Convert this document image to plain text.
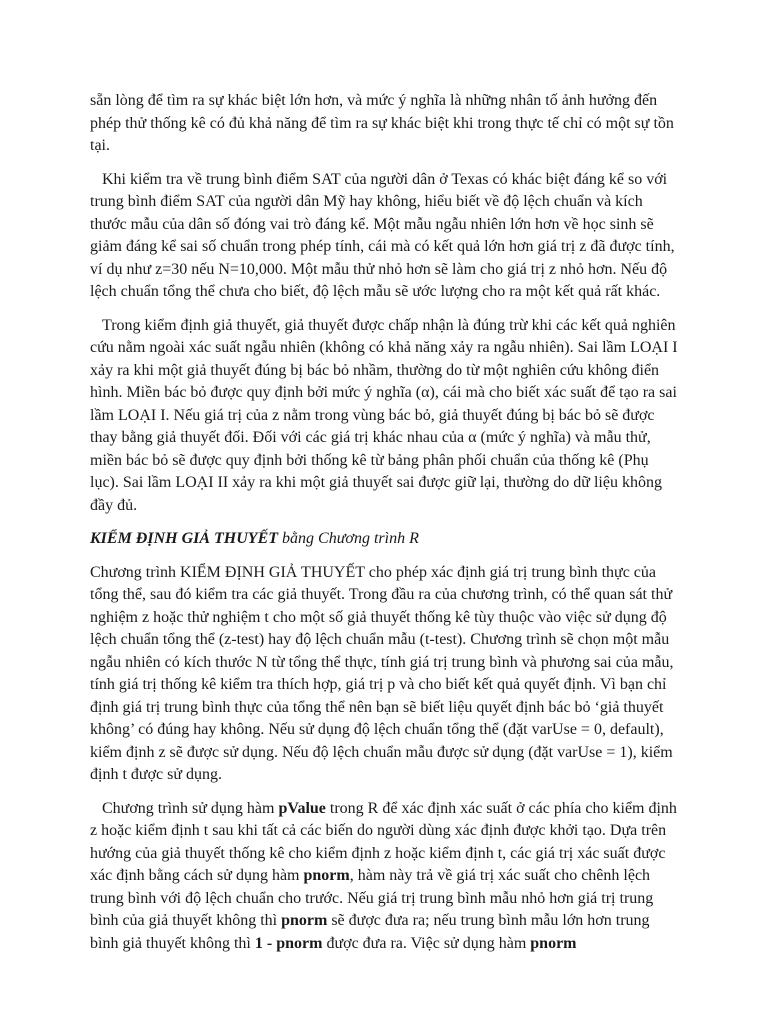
sẵn lòng để tìm ra sự khác biệt lớn hơn, và mức ý nghĩa là những nhân tố ảnh hưởng đến phép thử thống kê có đủ khả năng để tìm ra sự khác biệt khi trong thực tế chỉ có một sự tồn tại.

Khi kiểm tra về trung bình điểm SAT của người dân ở Texas có khác biệt đáng kể so với trung bình điểm SAT của người dân Mỹ hay không, hiểu biết về độ lệch chuẩn và kích thước mẫu của dân số đóng vai trò đáng kể. Một mẫu ngẫu nhiên lớn hơn về học sinh sẽ giảm đáng kể sai số chuẩn trong phép tính, cái mà có kết quả lớn hơn giá trị z đã được tính, ví dụ như z=30 nếu N=10,000. Một mẫu thử nhỏ hơn sẽ làm cho giá trị z nhỏ hơn. Nếu độ lệch chuẩn tổng thể chưa cho biết, độ lệch mẫu sẽ ước lượng cho ra một kết quả rất khác.

Trong kiểm định giả thuyết, giả thuyết được chấp nhận là đúng trừ khi các kết quả nghiên cứu nằm ngoài xác suất ngẫu nhiên (không có khả năng xảy ra ngẫu nhiên). Sai lầm LOẠI I xảy ra khi một giả thuyết đúng bị bác bỏ nhầm, thường do từ một nghiên cứu không điển hình. Miền bác bỏ được quy định bởi mức ý nghĩa (α), cái mà cho biết xác suất để tạo ra sai lầm LOẠI I. Nếu giá trị của z nằm trong vùng bác bỏ, giả thuyết đúng bị bác bỏ sẽ được thay bằng giả thuyết đối. Đối với các giá trị khác nhau của α (mức ý nghĩa) và mẫu thử, miền bác bỏ sẽ được quy định bởi thống kê từ bảng phân phối chuẩn của thống kê (Phụ lục). Sai lầm LOẠI II xảy ra khi một giả thuyết sai được giữ lại, thường do dữ liệu không đầy đủ.

KIỂM ĐỊNH GIẢ THUYẾT bằng Chương trình R

Chương trình KIỂM ĐỊNH GIẢ THUYẾT cho phép xác định giá trị trung bình thực của tổng thể, sau đó kiểm tra các giả thuyết. Trong đầu ra của chương trình, có thể quan sát thử nghiệm z hoặc thử nghiệm t cho một số giả thuyết thống kê tùy thuộc vào việc sử dụng độ lệch chuẩn tổng thể (z-test) hay độ lệch chuẩn mẫu (t-test). Chương trình sẽ chọn một mẫu ngẫu nhiên có kích thước N từ tổng thể thực, tính giá trị trung bình và phương sai của mẫu, tính giá trị thống kê kiểm tra thích hợp, giá trị p và cho biết kết quả quyết định. Vì bạn chỉ định giá trị trung bình thực của tổng thể nên bạn sẽ biết liệu quyết định bác bỏ ‘giả thuyết không’ có đúng hay không. Nếu sử dụng độ lệch chuẩn tổng thể (đặt varUse = 0, default), kiểm định z sẽ được sử dụng. Nếu độ lệch chuẩn mẫu được sử dụng (đặt varUse = 1), kiểm định t được sử dụng.

Chương trình sử dụng hàm pValue trong R để xác định xác suất ở các phía cho kiểm định z hoặc kiểm định t sau khi tất cả các biến do người dùng xác định được khởi tạo. Dựa trên hướng của giả thuyết thống kê cho kiểm định z hoặc kiểm định t, các giá trị xác suất được xác định bằng cách sử dụng hàm pnorm, hàm này trả về giá trị xác suất cho chênh lệch trung bình với độ lệch chuẩn cho trước. Nếu giá trị trung bình mẫu nhỏ hơn giá trị trung bình của giả thuyết không thì pnorm sẽ được đưa ra; nếu trung bình mẫu lớn hơn trung bình giả thuyết không thì 1 - pnorm được đưa ra. Việc sử dụng hàm pnorm
